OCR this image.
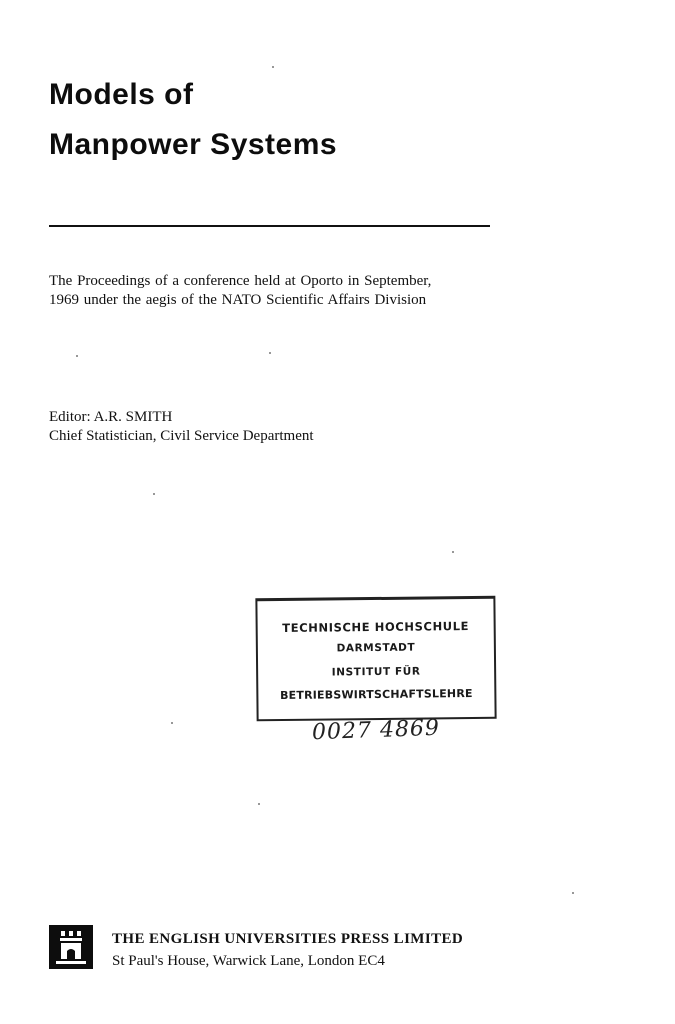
Models of
Manpower Systems
The Proceedings of a conference held at Oporto in September,
1969 under the aegis of the NATO Scientific Affairs Division
Editor: A.R. SMITH
Chief Statistician, Civil Service Department
TECHNISCHE HOCHSCHULE
DARMSTADT
INSTITUT FÜR
BETRIEBSWIRTSCHAFTSLEHRE
0027 4869
THE ENGLISH UNIVERSITIES PRESS LIMITED
St Paul's House, Warwick Lane, London EC4
